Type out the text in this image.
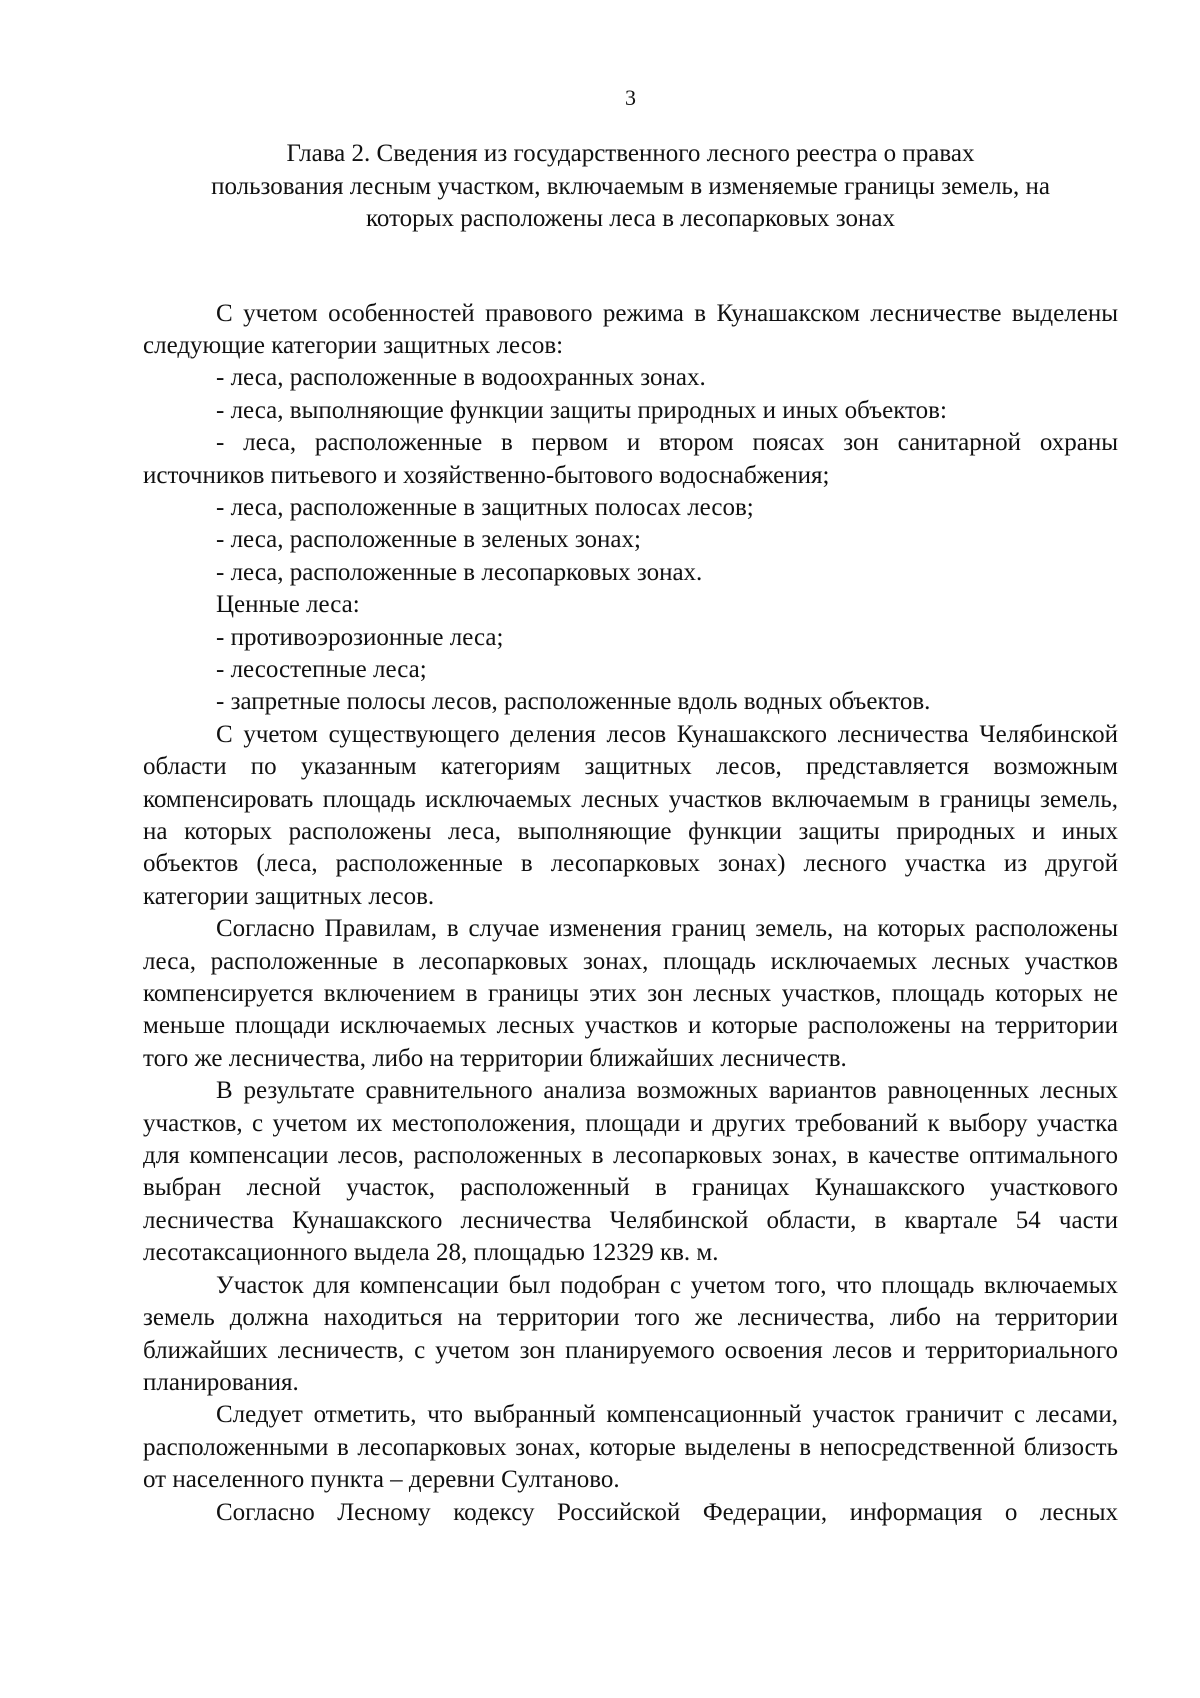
3
Глава 2. Сведения из государственного лесного реестра о правах
пользования лесным участком, включаемым в изменяемые границы земель, на
которых расположены леса в лесопарковых зонах

С учетом особенностей правового режима в Кунашакском лесничестве выделены следующие категории защитных лесов:

- леса, расположенные в водоохранных зонах.

- леса, выполняющие функции защиты природных и иных объектов:

- леса, расположенные в первом и втором поясах зон санитарной охраны источников питьевого и хозяйственно-бытового водоснабжения;

- леса, расположенные в защитных полосах лесов;

- леса, расположенные в зеленых зонах;

- леса, расположенные в лесопарковых зонах.

Ценные леса:

- противоэрозионные леса;

- лесостепные леса;

- запретные полосы лесов, расположенные вдоль водных объектов.

С учетом существующего деления лесов Кунашакского лесничества Челябинской области по указанным категориям защитных лесов, представляется возможным компенсировать площадь исключаемых лесных участков включаемым в границы земель, на которых расположены леса, выполняющие функции защиты природных и иных объектов (леса, расположенные в лесопарковых зонах) лесного участка из другой категории защитных лесов.

Согласно Правилам, в случае изменения границ земель, на которых расположены леса, расположенные в лесопарковых зонах, площадь исключаемых лесных участков компенсируется включением в границы этих зон лесных участков, площадь которых не меньше площади исключаемых лесных участков и которые расположены на территории того же лесничества, либо на территории ближайших лесничеств.

В результате сравнительного анализа возможных вариантов равноценных лесных участков, с учетом их местоположения, площади и других требований к выбору участка для компенсации лесов, расположенных в лесопарковых зонах, в качестве оптимального выбран лесной участок, расположенный в границах Кунашакского участкового лесничества Кунашакского лесничества Челябинской области, в квартале 54 части лесотаксационного выдела 28, площадью 12329 кв. м.

Участок для компенсации был подобран с учетом того, что площадь включаемых земель должна находиться на территории того же лесничества, либо на территории ближайших лесничеств, с учетом зон планируемого освоения лесов и территориального планирования.

Следует отметить, что выбранный компенсационный участок граничит с лесами, расположенными в лесопарковых зонах, которые выделены в непосредственной близость от населенного пункта – деревни Султаново.

Согласно Лесному кодексу Российской Федерации, информация о лесных
